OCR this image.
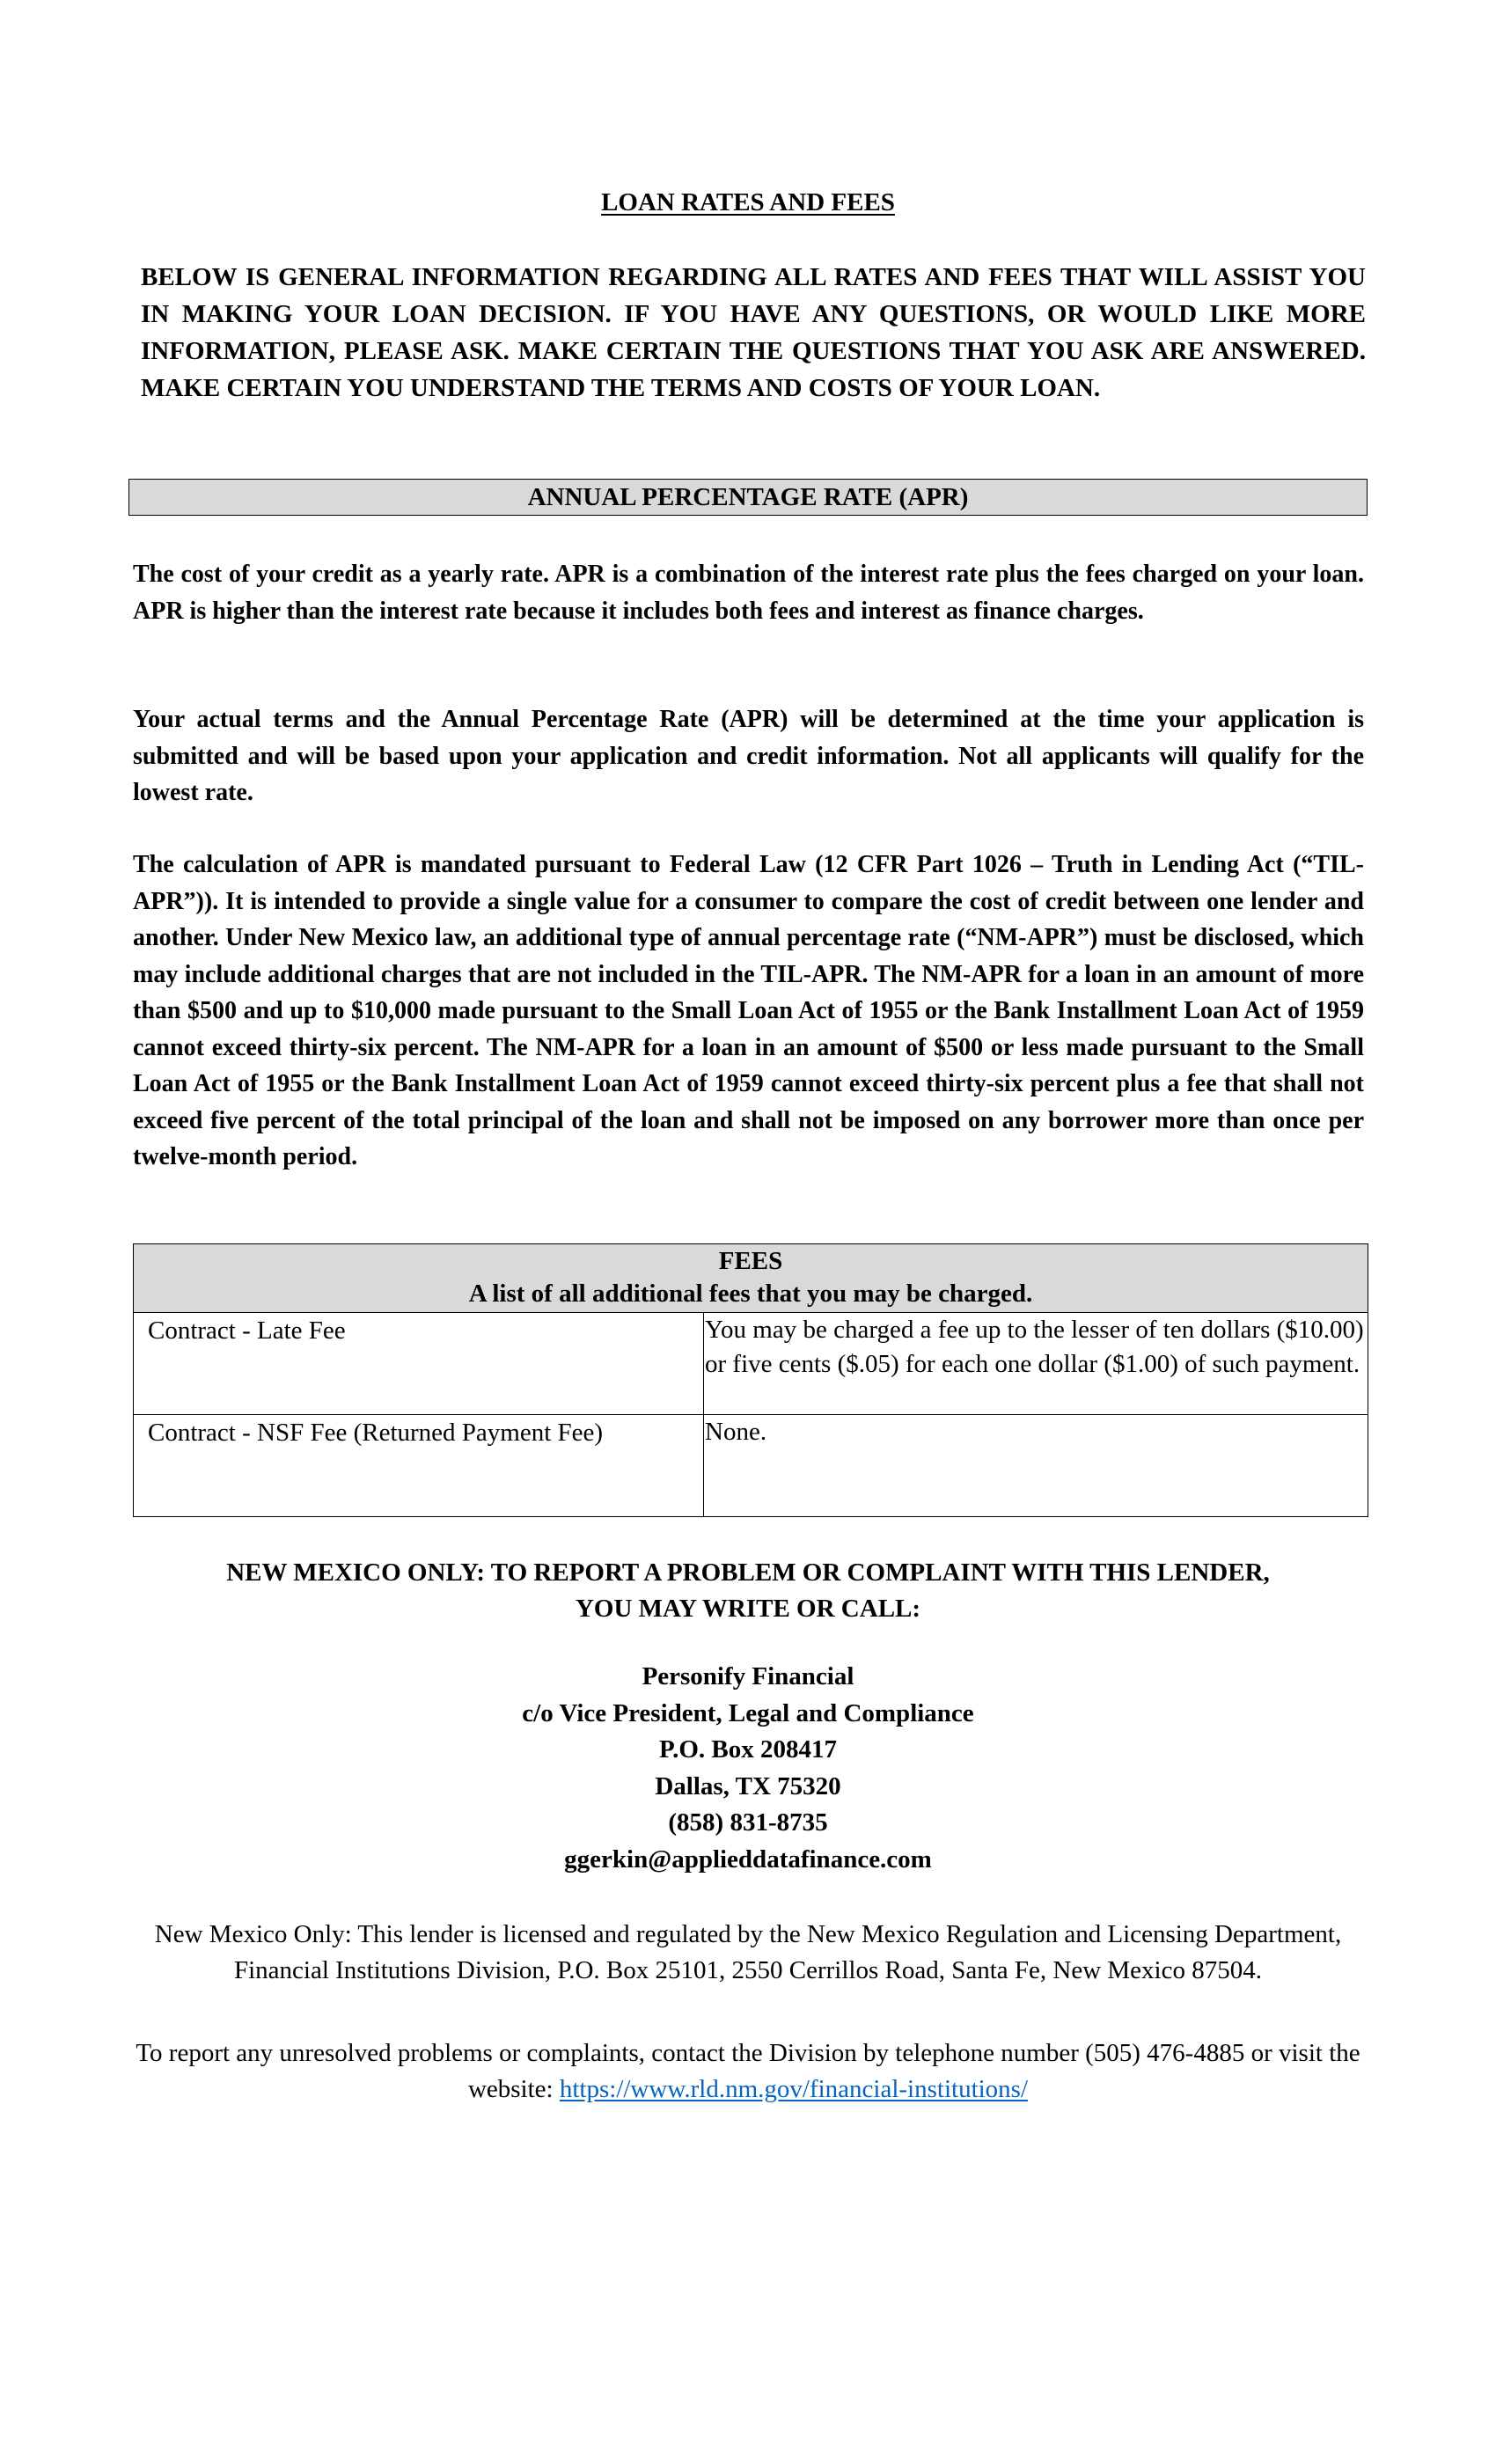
LOAN RATES AND FEES

BELOW IS GENERAL INFORMATION REGARDING ALL RATES AND FEES THAT WILL ASSIST YOU IN MAKING YOUR LOAN DECISION. IF YOU HAVE ANY QUESTIONS, OR WOULD LIKE MORE INFORMATION, PLEASE ASK. MAKE CERTAIN THE QUESTIONS THAT YOU ASK ARE ANSWERED. MAKE CERTAIN YOU UNDERSTAND THE TERMS AND COSTS OF YOUR LOAN.

ANNUAL PERCENTAGE RATE (APR)

The cost of your credit as a yearly rate. APR is a combination of the interest rate plus the fees charged on your loan. APR is higher than the interest rate because it includes both fees and interest as finance charges.

Your actual terms and the Annual Percentage Rate (APR) will be determined at the time your application is submitted and will be based upon your application and credit information. Not all applicants will qualify for the lowest rate.

The calculation of APR is mandated pursuant to Federal Law (12 CFR Part 1026 – Truth in Lending Act (“TIL-APR”)). It is intended to provide a single value for a consumer to compare the cost of credit between one lender and another. Under New Mexico law, an additional type of annual percentage rate (“NM-APR”) must be disclosed, which may include additional charges that are not included in the TIL-APR. The NM-APR for a loan in an amount of more than $500 and up to $10,000 made pursuant to the Small Loan Act of 1955 or the Bank Installment Loan Act of 1959 cannot exceed thirty-six percent. The NM-APR for a loan in an amount of $500 or less made pursuant to the Small Loan Act of 1955 or the Bank Installment Loan Act of 1959 cannot exceed thirty-six percent plus a fee that shall not exceed five percent of the total principal of the loan and shall not be imposed on any borrower more than once per twelve-month period.

FEES
A list of all additional fees that you may be charged.	

Contract - Late Fee	You may be charged a fee up to the lesser of ten dollars ($10.00) or five cents ($.05) for each one dollar ($1.00) of such payment.
Contract - NSF Fee (Returned Payment Fee)	None.
NEW MEXICO ONLY: TO REPORT A PROBLEM OR COMPLAINT WITH THIS LENDER,
YOU MAY WRITE OR CALL:
Personify Financial
c/o Vice President, Legal and Compliance
P.O. Box 208417
Dallas, TX 75320
(858) 831-8735
ggerkin@applieddatafinance.com
New Mexico Only: This lender is licensed and regulated by the New Mexico Regulation and Licensing Department, Financial Institutions Division, P.O. Box 25101, 2550 Cerrillos Road, Santa Fe, New Mexico 87504.
To report any unresolved problems or complaints, contact the Division by telephone number (505) 476-4885 or visit the website: https://www.rld.nm.gov/financial-institutions/
